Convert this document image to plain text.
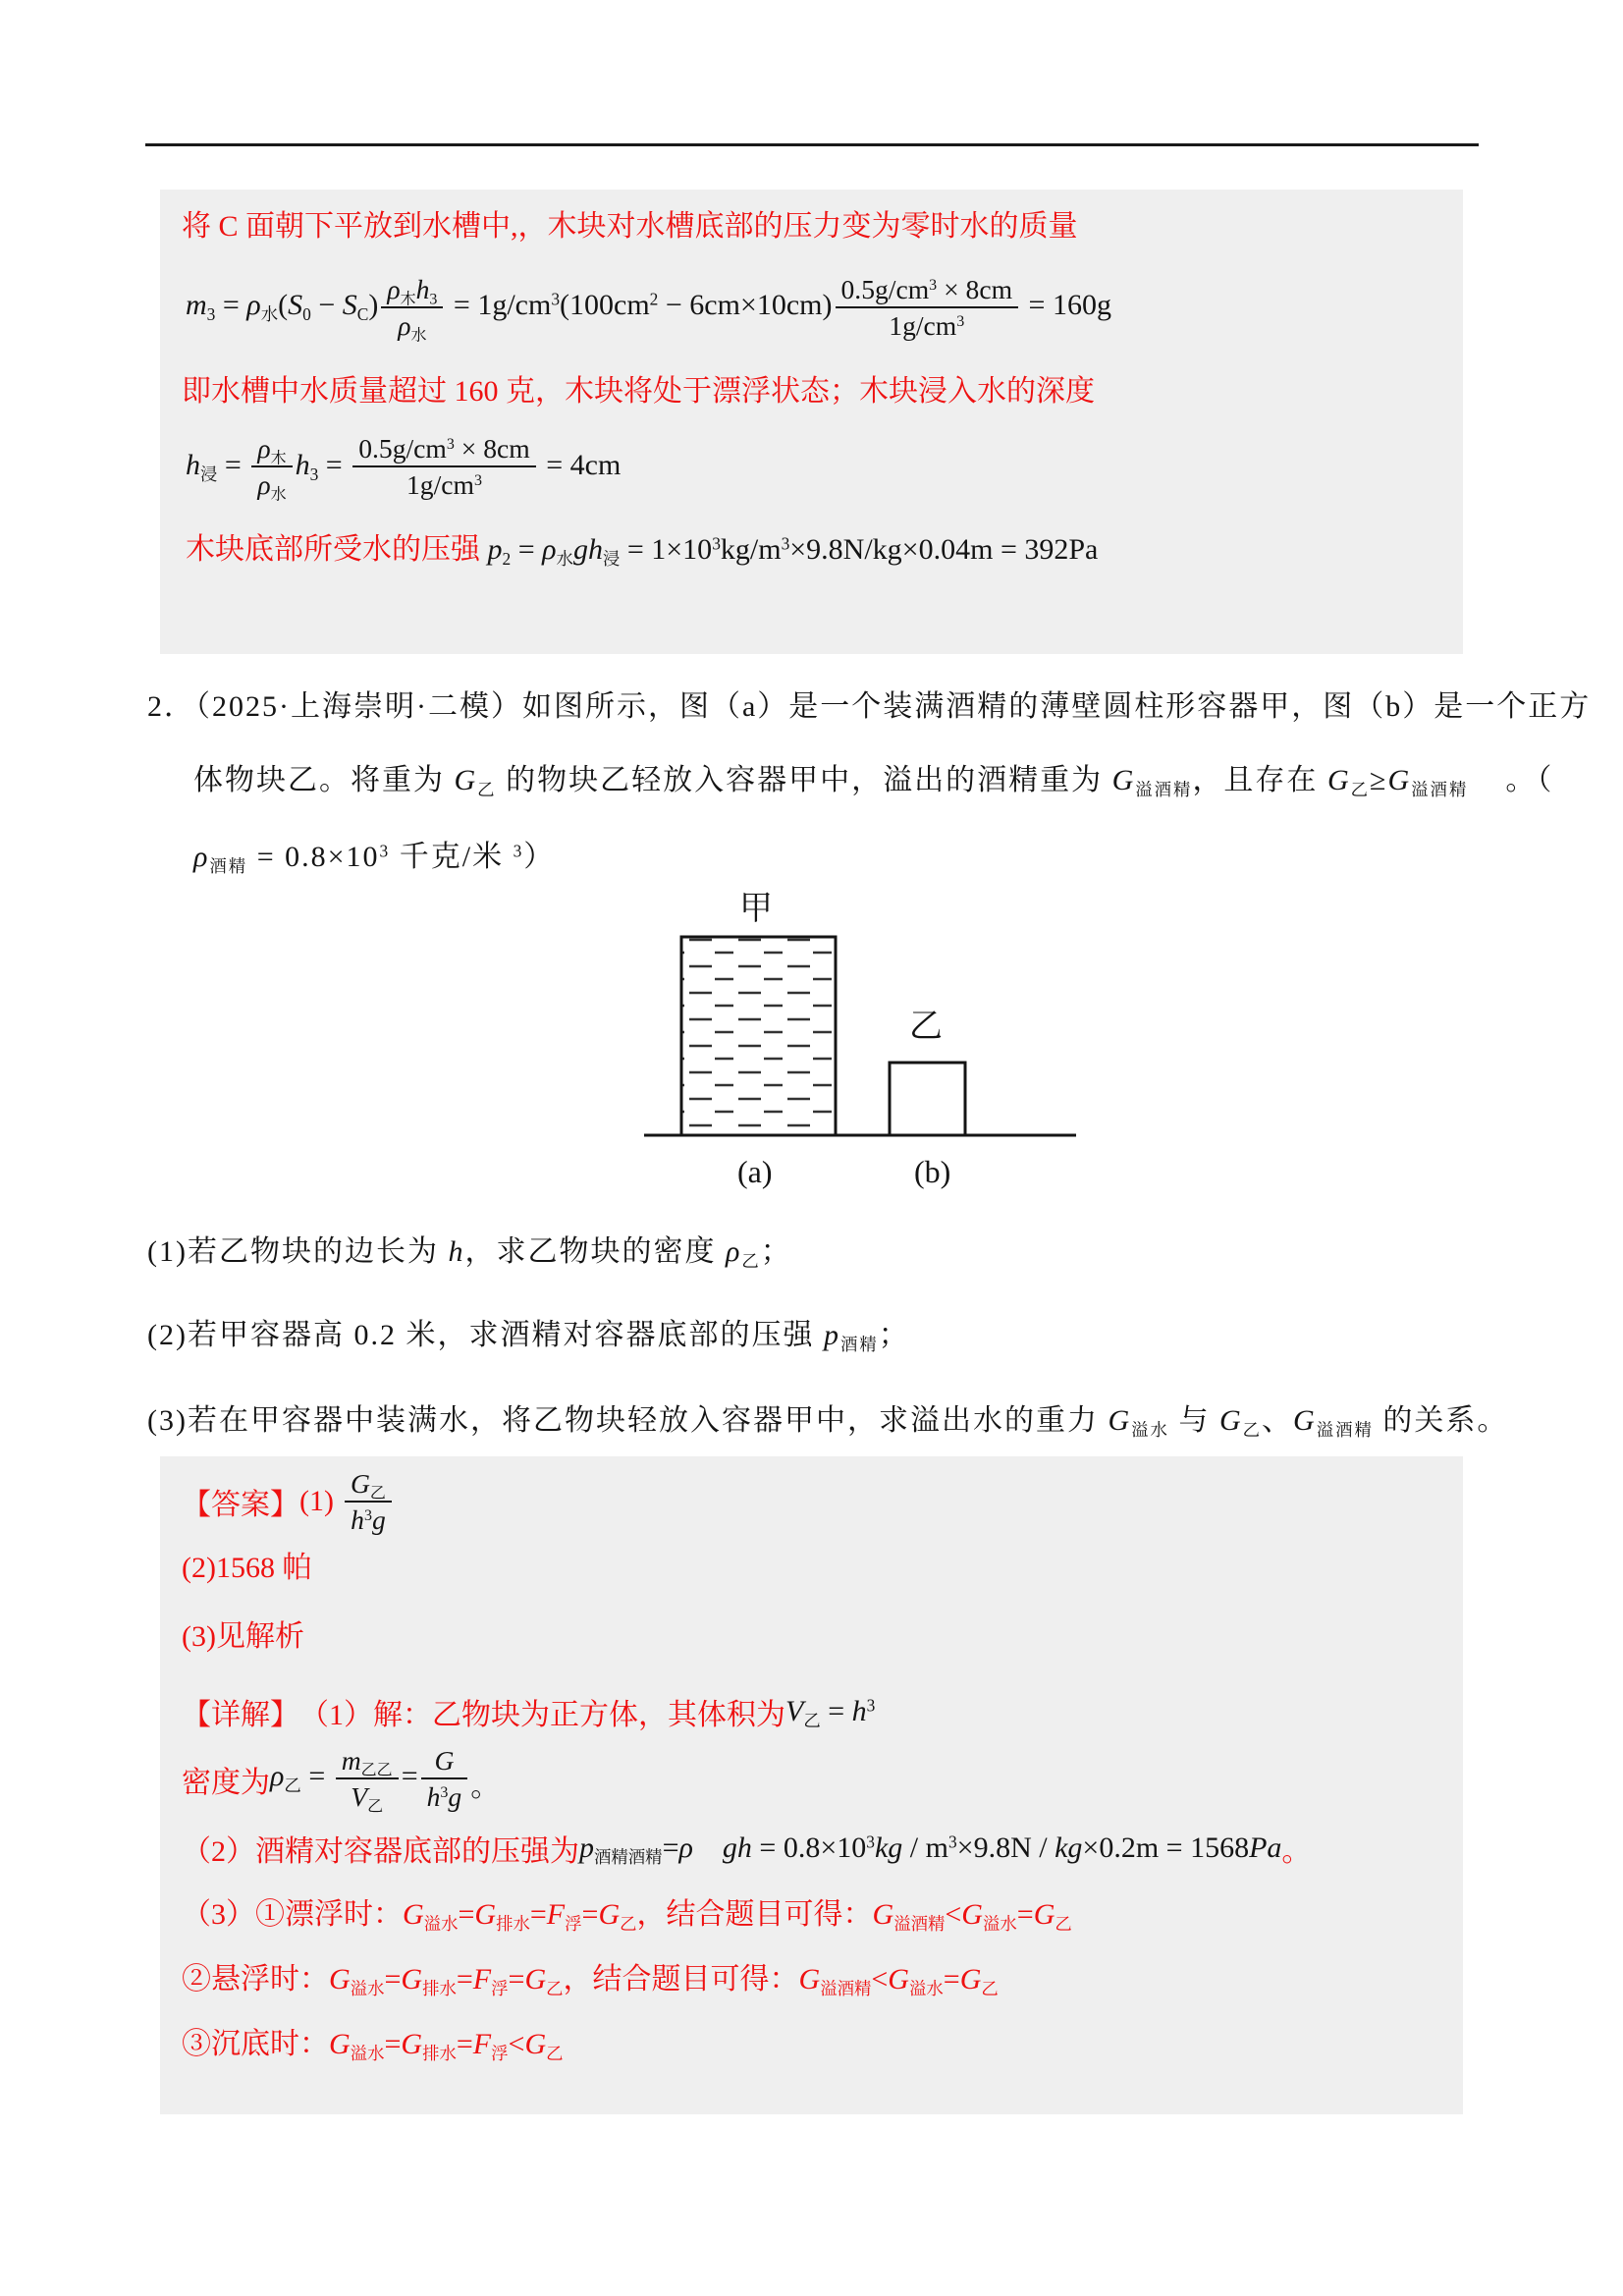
将 C 面朝下平放到水槽中,，木块对水槽底部的压力变为零时水的质量
$m_3 = \rho_水(S_0 - S_C) \frac{\rho_木h_3}{\rho_水} = 1g/cm^3(100cm^2 - 6cm\times 10cm) \frac{0.5g/cm^3 \times 8cm}{1g/cm^3} = 160g$
即水槽中水质量超过 160 克，木块将处于漂浮状态；木块浸入水的深度
$h_浸 = \frac{\rho_木}{\rho_水} h_3 = \frac{0.5g/cm^3 \times 8cm}{1g/cm^3} = 4cm$
木块底部所受水的压强 $p_2 = \rho_水gh_浸 = 1\times 10^3kg/m^3\times 9.8N/kg\times 0.04m = 392Pa$
2．（2025·上海崇明·二模）如图所示，图（a）是一个装满酒精的薄壁圆柱形容器甲，图（b）是一个正方
体物块乙。将重为 $G_乙$ 的物块乙轻放入容器甲中，溢出的酒精重为 $G_{溢酒精}$，且存在 $G_乙\ge G_{溢酒精}$    。（
$\rho_{酒精} = 0.8\times 10^3$ 千克/米 $^3$）
甲
乙
(a)	(b)
(1)若乙物块的边长为 h，求乙物块的密度 $\rho_乙$；
(2)若甲容器高 0.2 米，求酒精对容器底部的压强 $p_{酒精}$；
(3)若在甲容器中装满水，将乙物块轻放入容器甲中，求溢出水的重力 $G_{溢水}$ 与 $G_乙$、$G_{溢酒精}$ 的关系。
【答案】 $(1) \frac{G_乙}{h^3g}$
(2)1568 帕
(3)见解析
【详解】 （1）解：乙物块为正方体，其体积为 $V_乙 = h^3$
密度为 $\rho_乙 = \frac{m_{乙乙}}{V_乙} = \frac{G}{h^3g}$ 。
（2）酒精对容器底部的压强为 $p_{酒精酒精}=\rho$ gh = $0.8\times 10^3kg / m^3\times 9.8N / kg\times 0.2m = 1568Pa$ 。
（3）①漂浮时：$G_{溢水}=G_{排水}=F_浮=G_乙$，结合题目可得：$G_{溢酒精}<G_{溢水}=G_乙$
②悬浮时：$G_{溢水}=G_{排水}=F_浮=G_乙$，结合题目可得：$G_{溢酒精}<G_{溢水}=G_乙$
③沉底时：$G_{溢水}=G_{排水}=F_浮<G_乙$
